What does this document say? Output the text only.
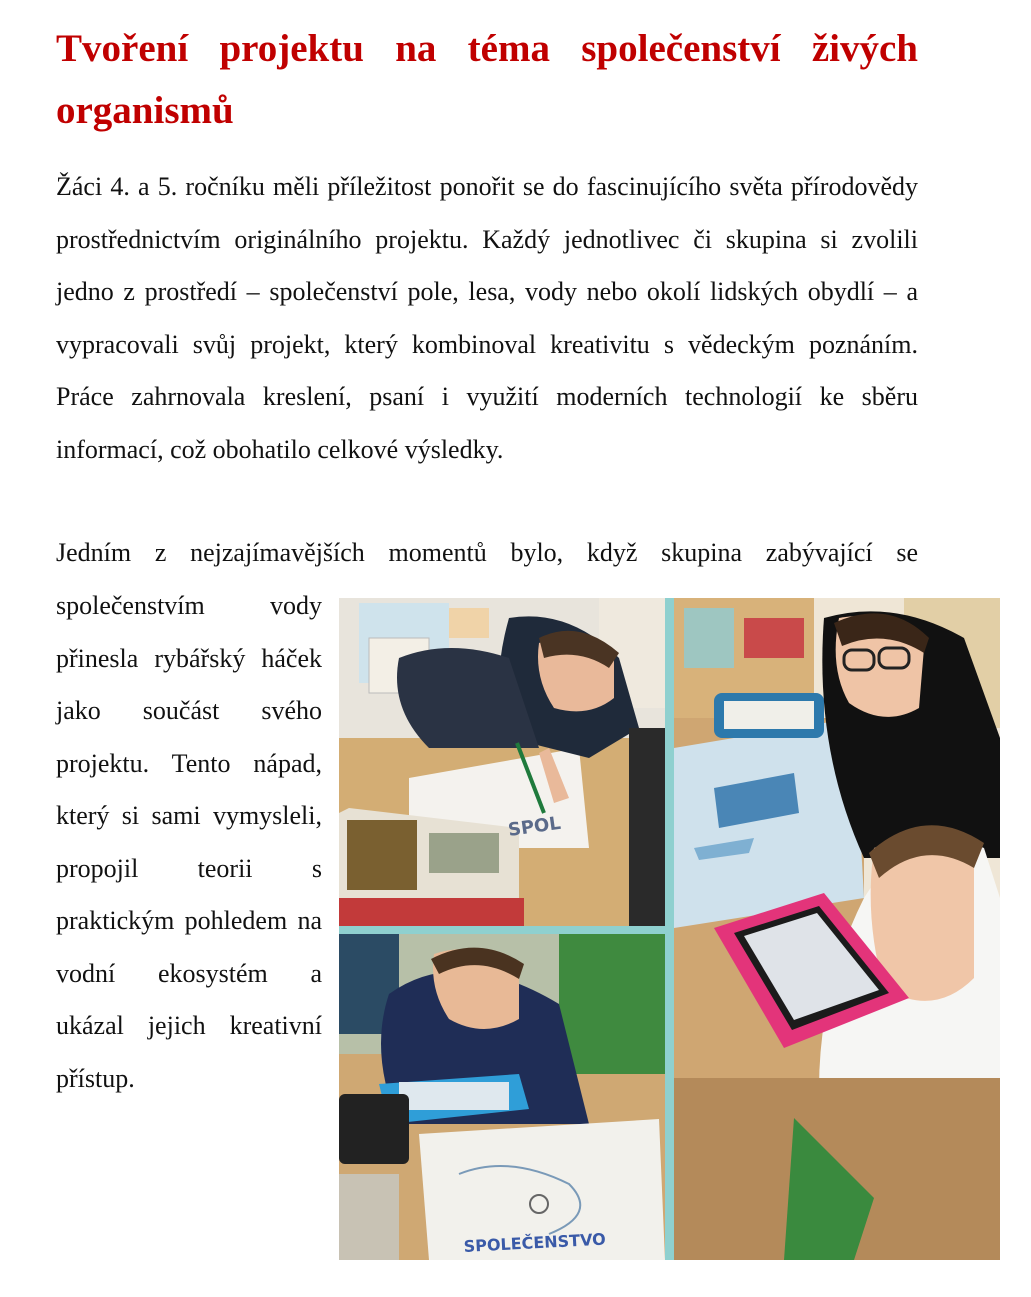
Tvoření projektu na téma společenství živých organismů

Žáci 4. a 5. ročníku měli příležitost ponořit se do fascinujícího světa přírodovědy prostřednictvím originálního projektu. Každý jednotlivec či skupina si zvolili jedno z prostředí – společenství pole, lesa, vody nebo okolí lidských obydlí – a vypracovali svůj projekt, který kombinoval kreativitu s vědeckým poznáním. Práce zahrnovala kreslení, psaní i využití moderních technologií ke sběru informací, což obohatilo celkové výsledky.

Jedním z nejzajímavějších momentů bylo, když skupina zabývající se

společenstvím vody přinesla rybářský háček jako součást svého projektu. Tento nápad, který si sami vymysleli, propojil teorii s praktickým pohledem na vodní ekosystém a ukázal jejich kreativní přístup.

SPOL
SPOLEČENSTVO
